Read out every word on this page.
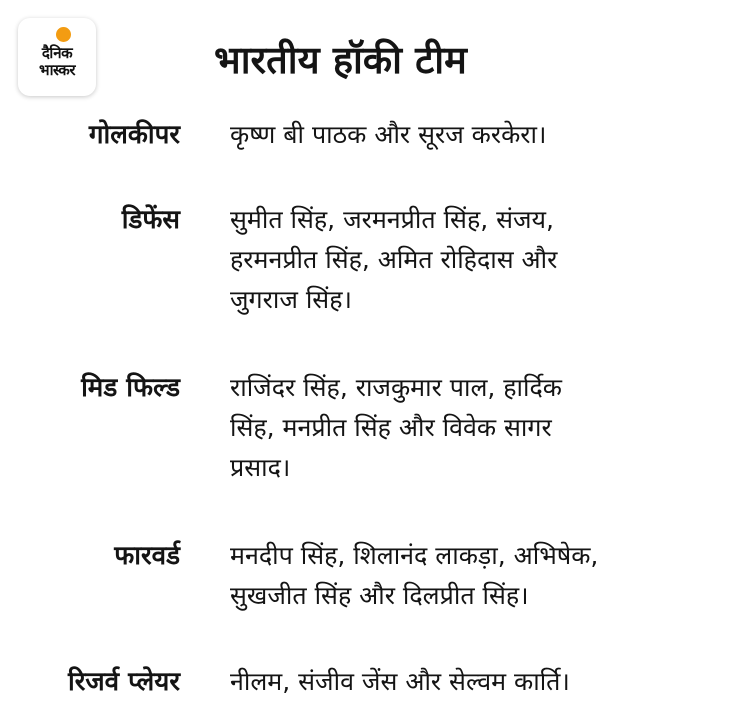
दैनिक
भास्कर	भारतीय हॉकी टीम
गोलकीपर कृष्ण बी पाठक और सूरज करकेरा।
डिफेंस सुमीत सिंह, जरमनप्रीत सिंह, संजय,
हरमनप्रीत सिंह, अमित रोहिदास और
जुगराज सिंह।
मिड फिल्ड राजिंदर सिंह, राजकुमार पाल, हार्दिक
सिंह, मनप्रीत सिंह और विवेक सागर
प्रसाद।
फारवर्ड मनदीप सिंह, शिलानंद लाकड़ा, अभिषेक,
सुखजीत सिंह और दिलप्रीत सिंह।
रिजर्व प्लेयर नीलम, संजीव जेंस और सेल्वम कार्ति।
